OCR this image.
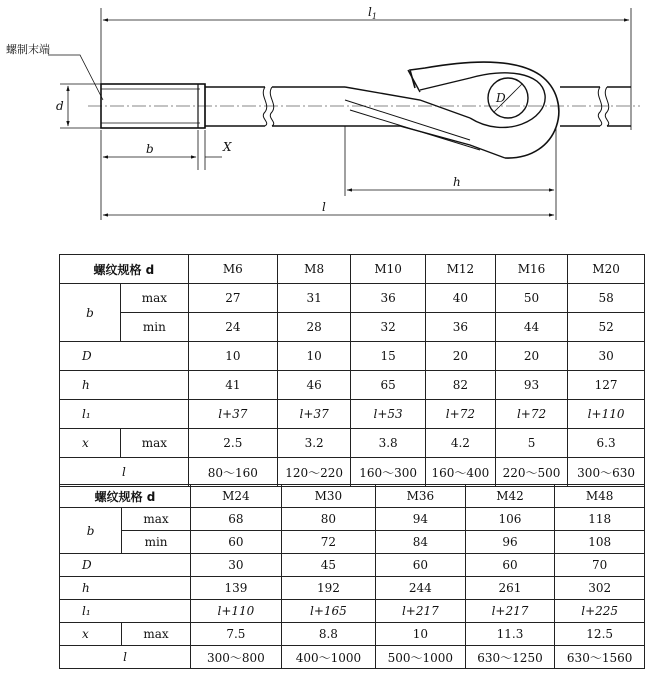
$l_1$
螺制末端
d
b	X
D
h
l
螺纹规格 d		M6	M8	M10	M12	M16	M20
b	max	27	31	36	40	50	58
	min	24	28	32	36	44	52
D		10	10	15	20	20	30
h		41	46	65	82	93	127
l₁		l+37	l+37	l+53	l+72	l+72	l+110
x	max	2.5	3.2	3.8	4.2	5	6.3
l		80～160	120～220	160～300	160～400	220～500	300～630
螺纹规格 d		M24	M30	M36	M42	M48
b	max	68	80	94	106	118
	min	60	72	84	96	108
D		30	45	60	60	70
h		139	192	244	261	302
l₁		l+110	l+165	l+217	l+217	l+225
x	max	7.5	8.8	10	11.3	12.5
l		300～800	400～1000	500～1000	630～1250	630～1560
